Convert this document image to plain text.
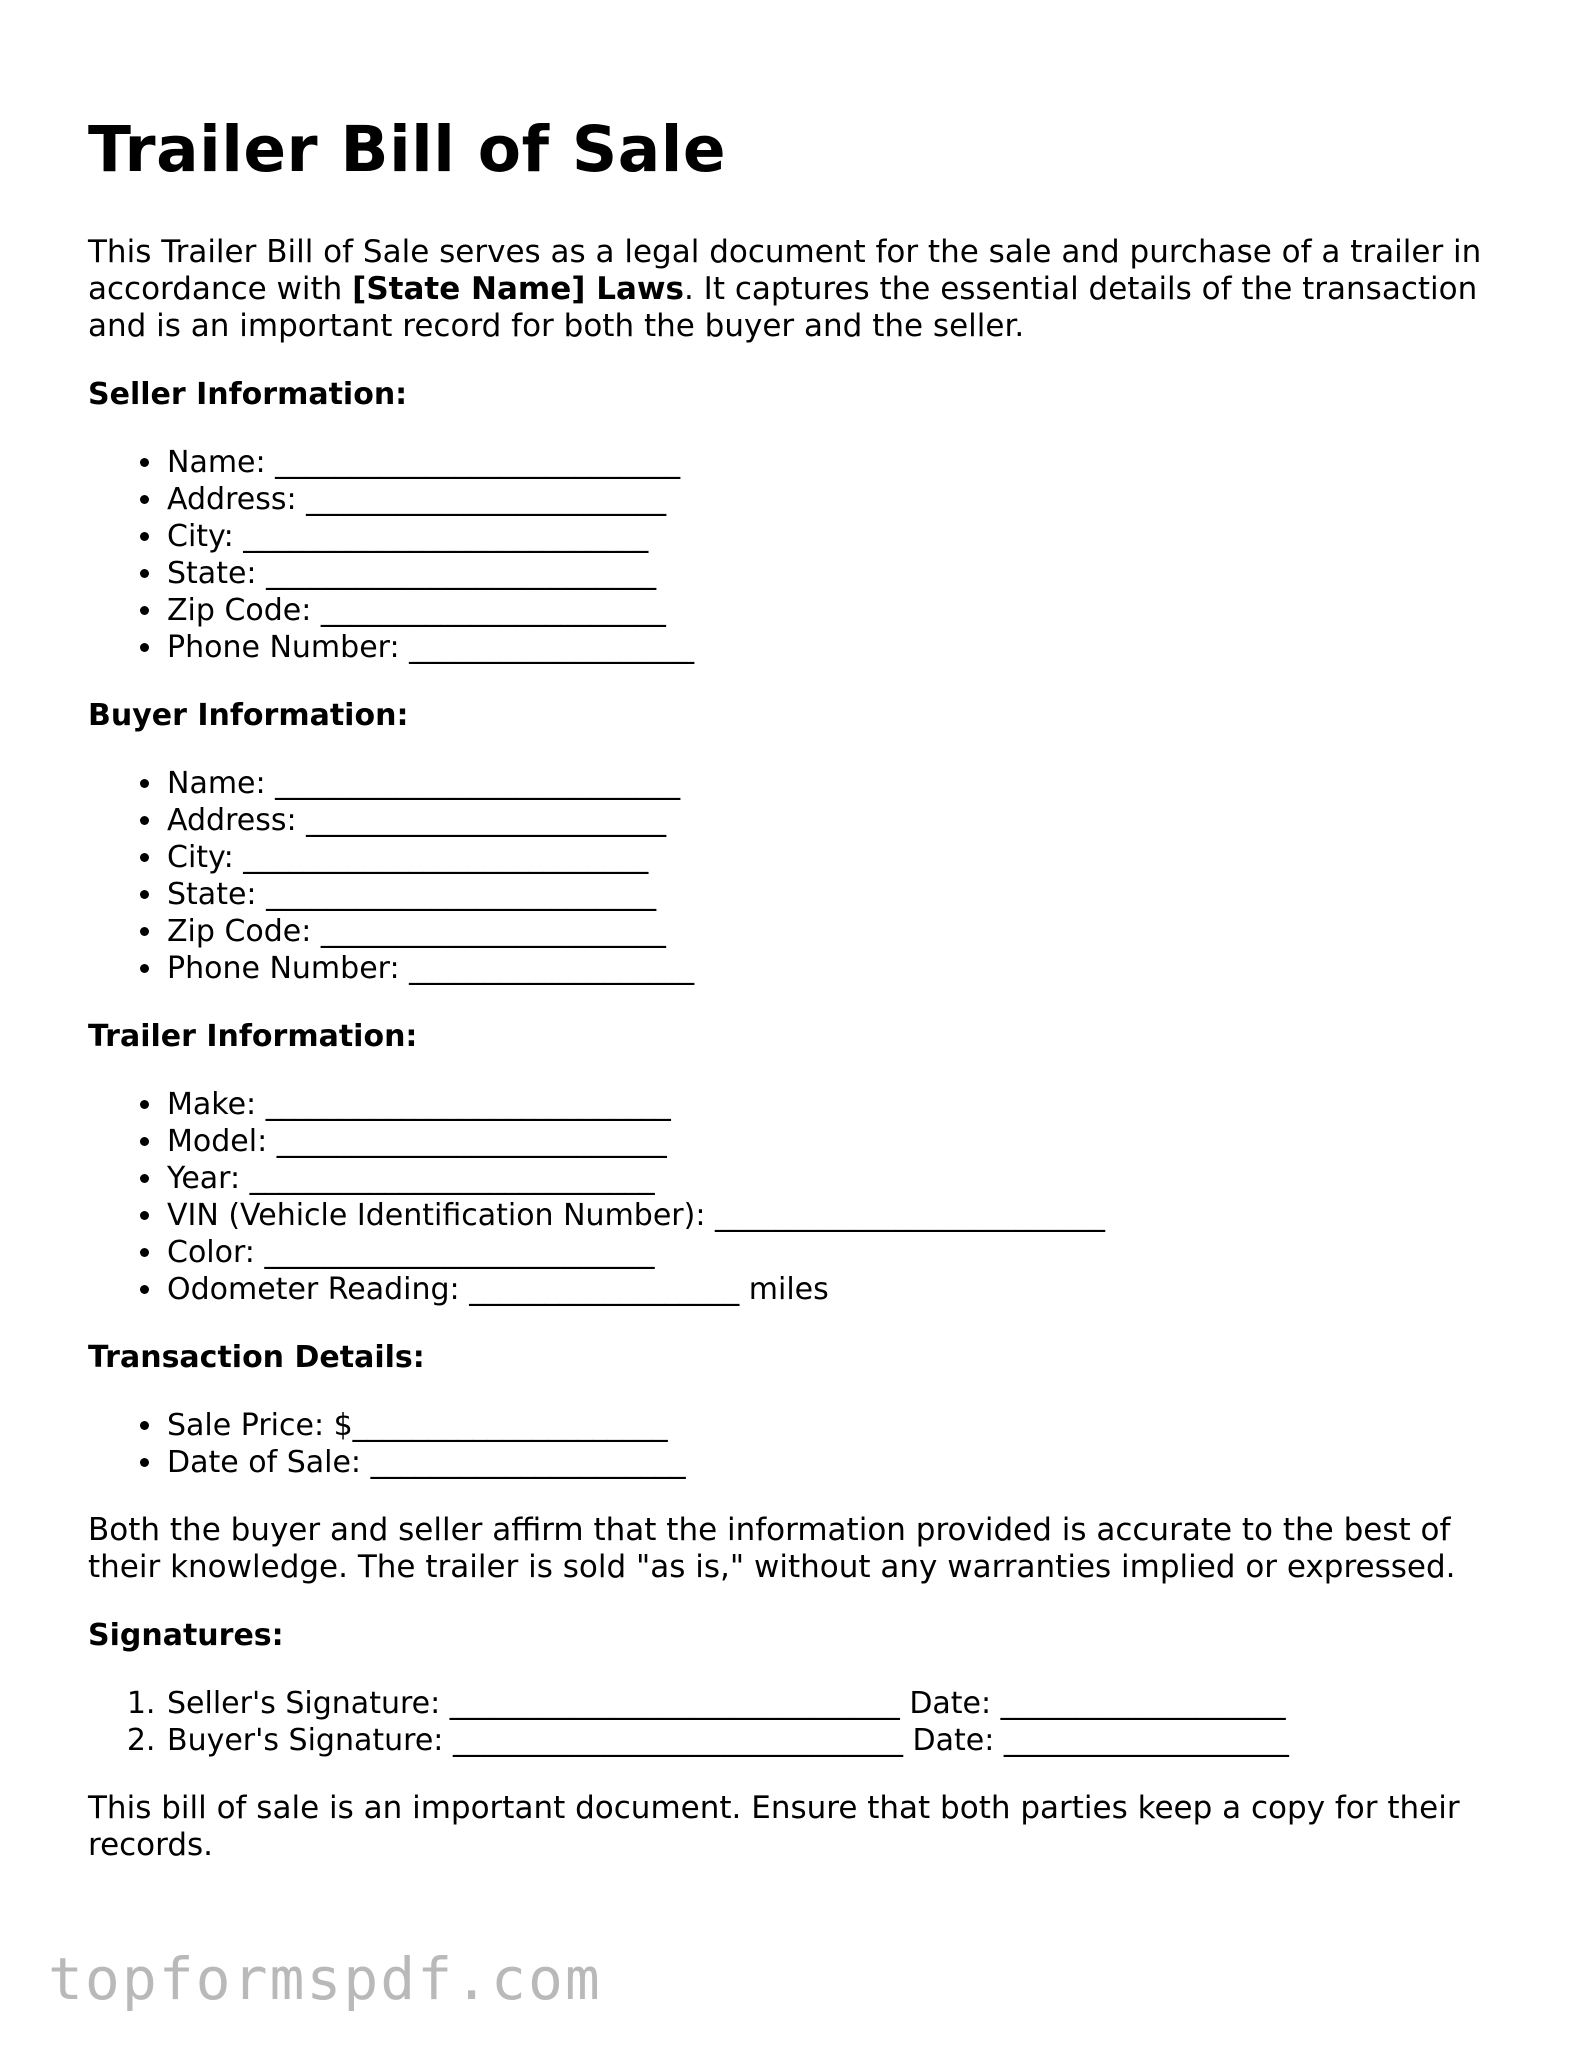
Trailer Bill of Sale

This Trailer Bill of Sale serves as a legal document for the sale and purchase of a trailer in accordance with [State Name] Laws. It captures the essential details of the transaction and is an important record for both the buyer and the seller.

Seller Information:

• Name: ___________________________
• Address: ________________________
• City: ___________________________
• State: __________________________
• Zip Code: _______________________
• Phone Number: ___________________

Buyer Information:

• Name: ___________________________
• Address: ________________________
• City: ___________________________
• State: __________________________
• Zip Code: _______________________
• Phone Number: ___________________

Trailer Information:

• Make: ___________________________
• Model: __________________________
• Year: ___________________________
• VIN (Vehicle Identification Number): __________________________
• Color: __________________________
• Odometer Reading: __________________ miles

Transaction Details:

• Sale Price: $_____________________
• Date of Sale: _____________________

Both the buyer and seller affirm that the information provided is accurate to the best of their knowledge. The trailer is sold "as is," without any warranties implied or expressed.

Signatures:

1. Seller's Signature: ______________________________ Date: ___________________
2. Buyer's Signature: ______________________________ Date: ___________________

This bill of sale is an important document. Ensure that both parties keep a copy for their records.

topformspdf.com
